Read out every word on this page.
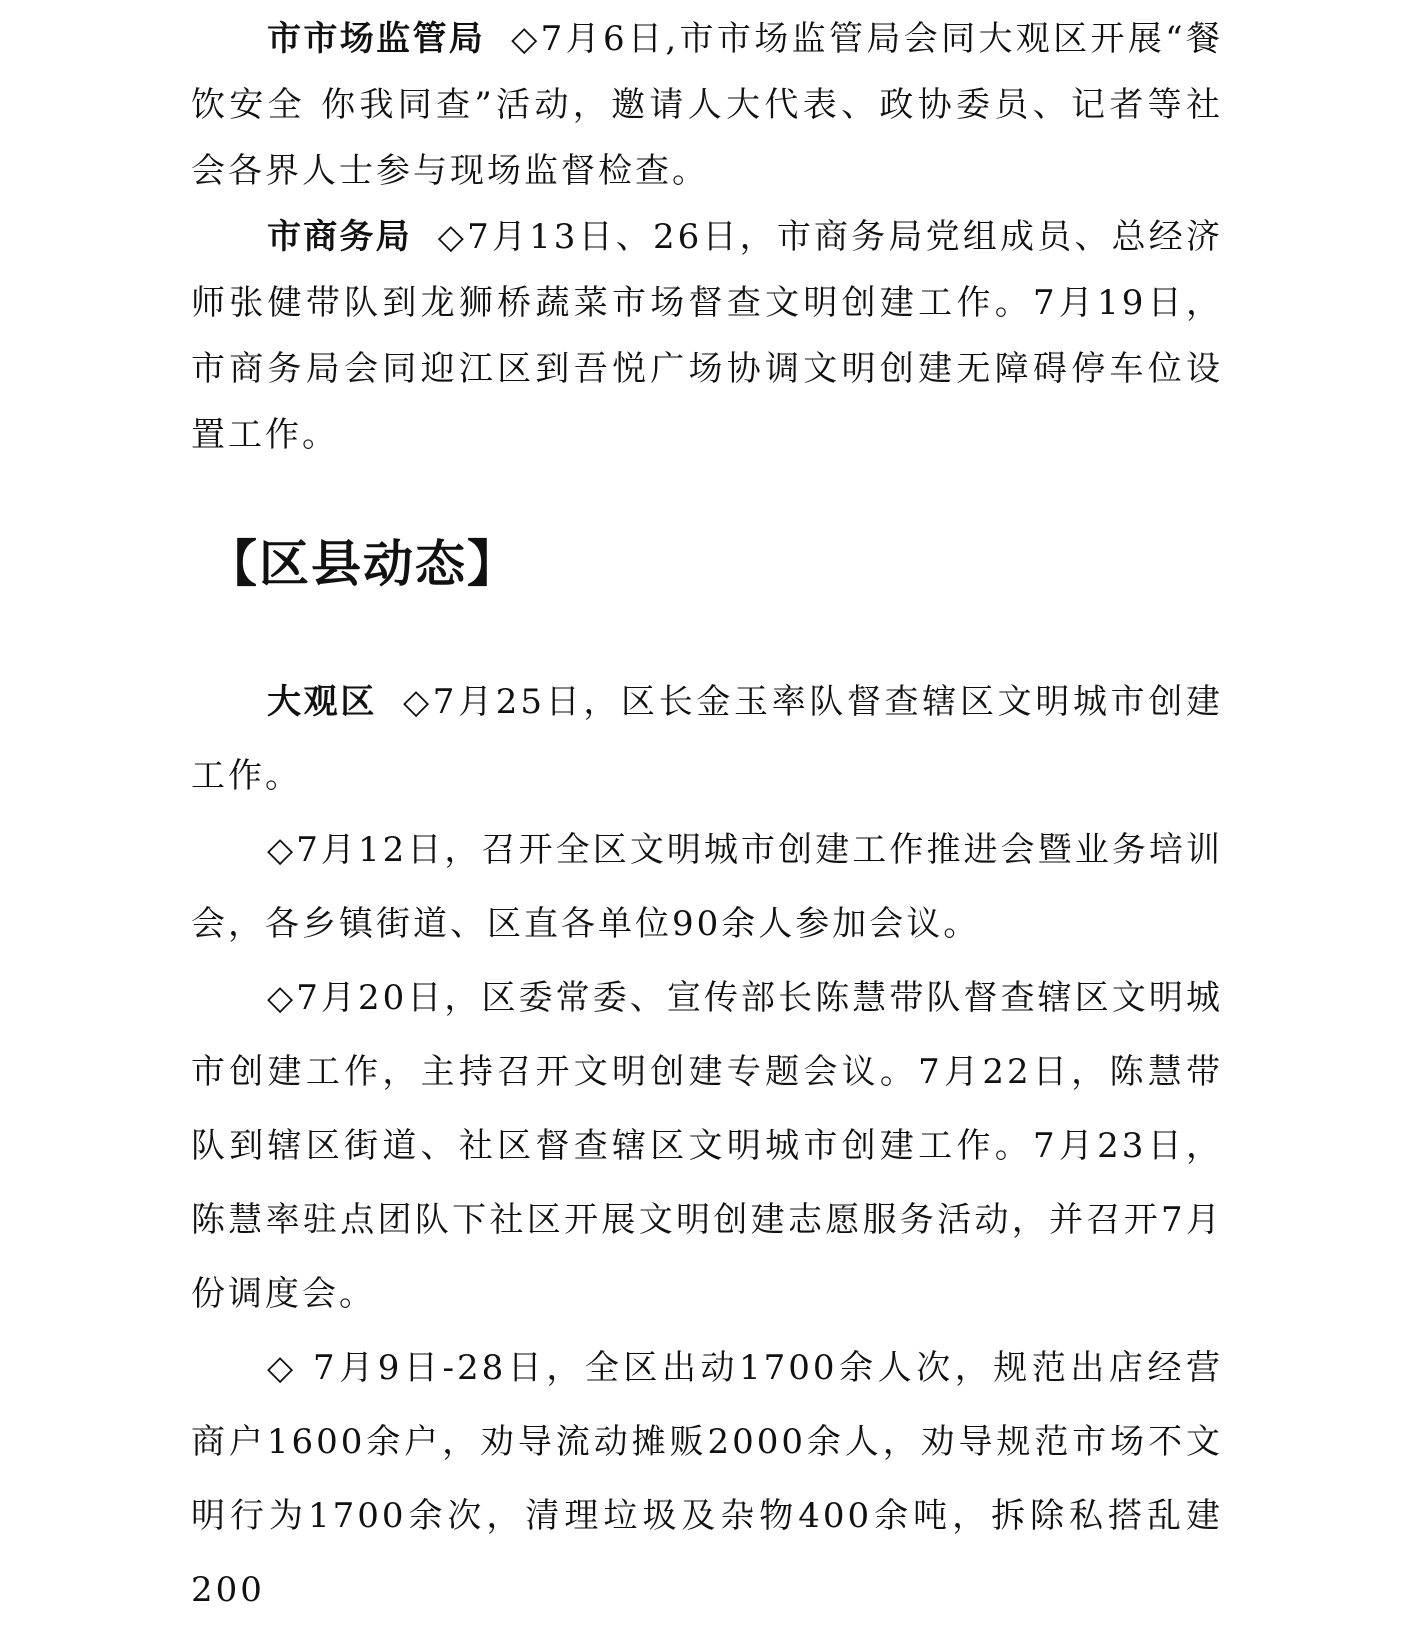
市市场监管局 ◇7月6日,市市场监管局会同大观区开展“餐饮安全 你我同查”活动，邀请人大代表、政协委员、记者等社会各界人士参与现场监督检查。

市商务局 ◇7月13日、26日，市商务局党组成员、总经济师张健带队到龙狮桥蔬菜市场督查文明创建工作。7月19日，市商务局会同迎江区到吾悦广场协调文明创建无障碍停车位设置工作。

【区县动态】

大观区 ◇7月25日，区长金玉率队督查辖区文明城市创建工作。

◇7月12日，召开全区文明城市创建工作推进会暨业务培训会，各乡镇街道、区直各单位90余人参加会议。

◇7月20日，区委常委、宣传部长陈慧带队督查辖区文明城市创建工作，主持召开文明创建专题会议。7月22日，陈慧带队到辖区街道、社区督查辖区文明城市创建工作。7月23日，陈慧率驻点团队下社区开展文明创建志愿服务活动，并召开7月份调度会。

◇ 7月9日-28日，全区出动1700余人次，规范出店经营商户1600余户，劝导流动摊贩2000余人，劝导规范市场不文明行为1700余次，清理垃圾及杂物400余吨，拆除私搭乱建200
